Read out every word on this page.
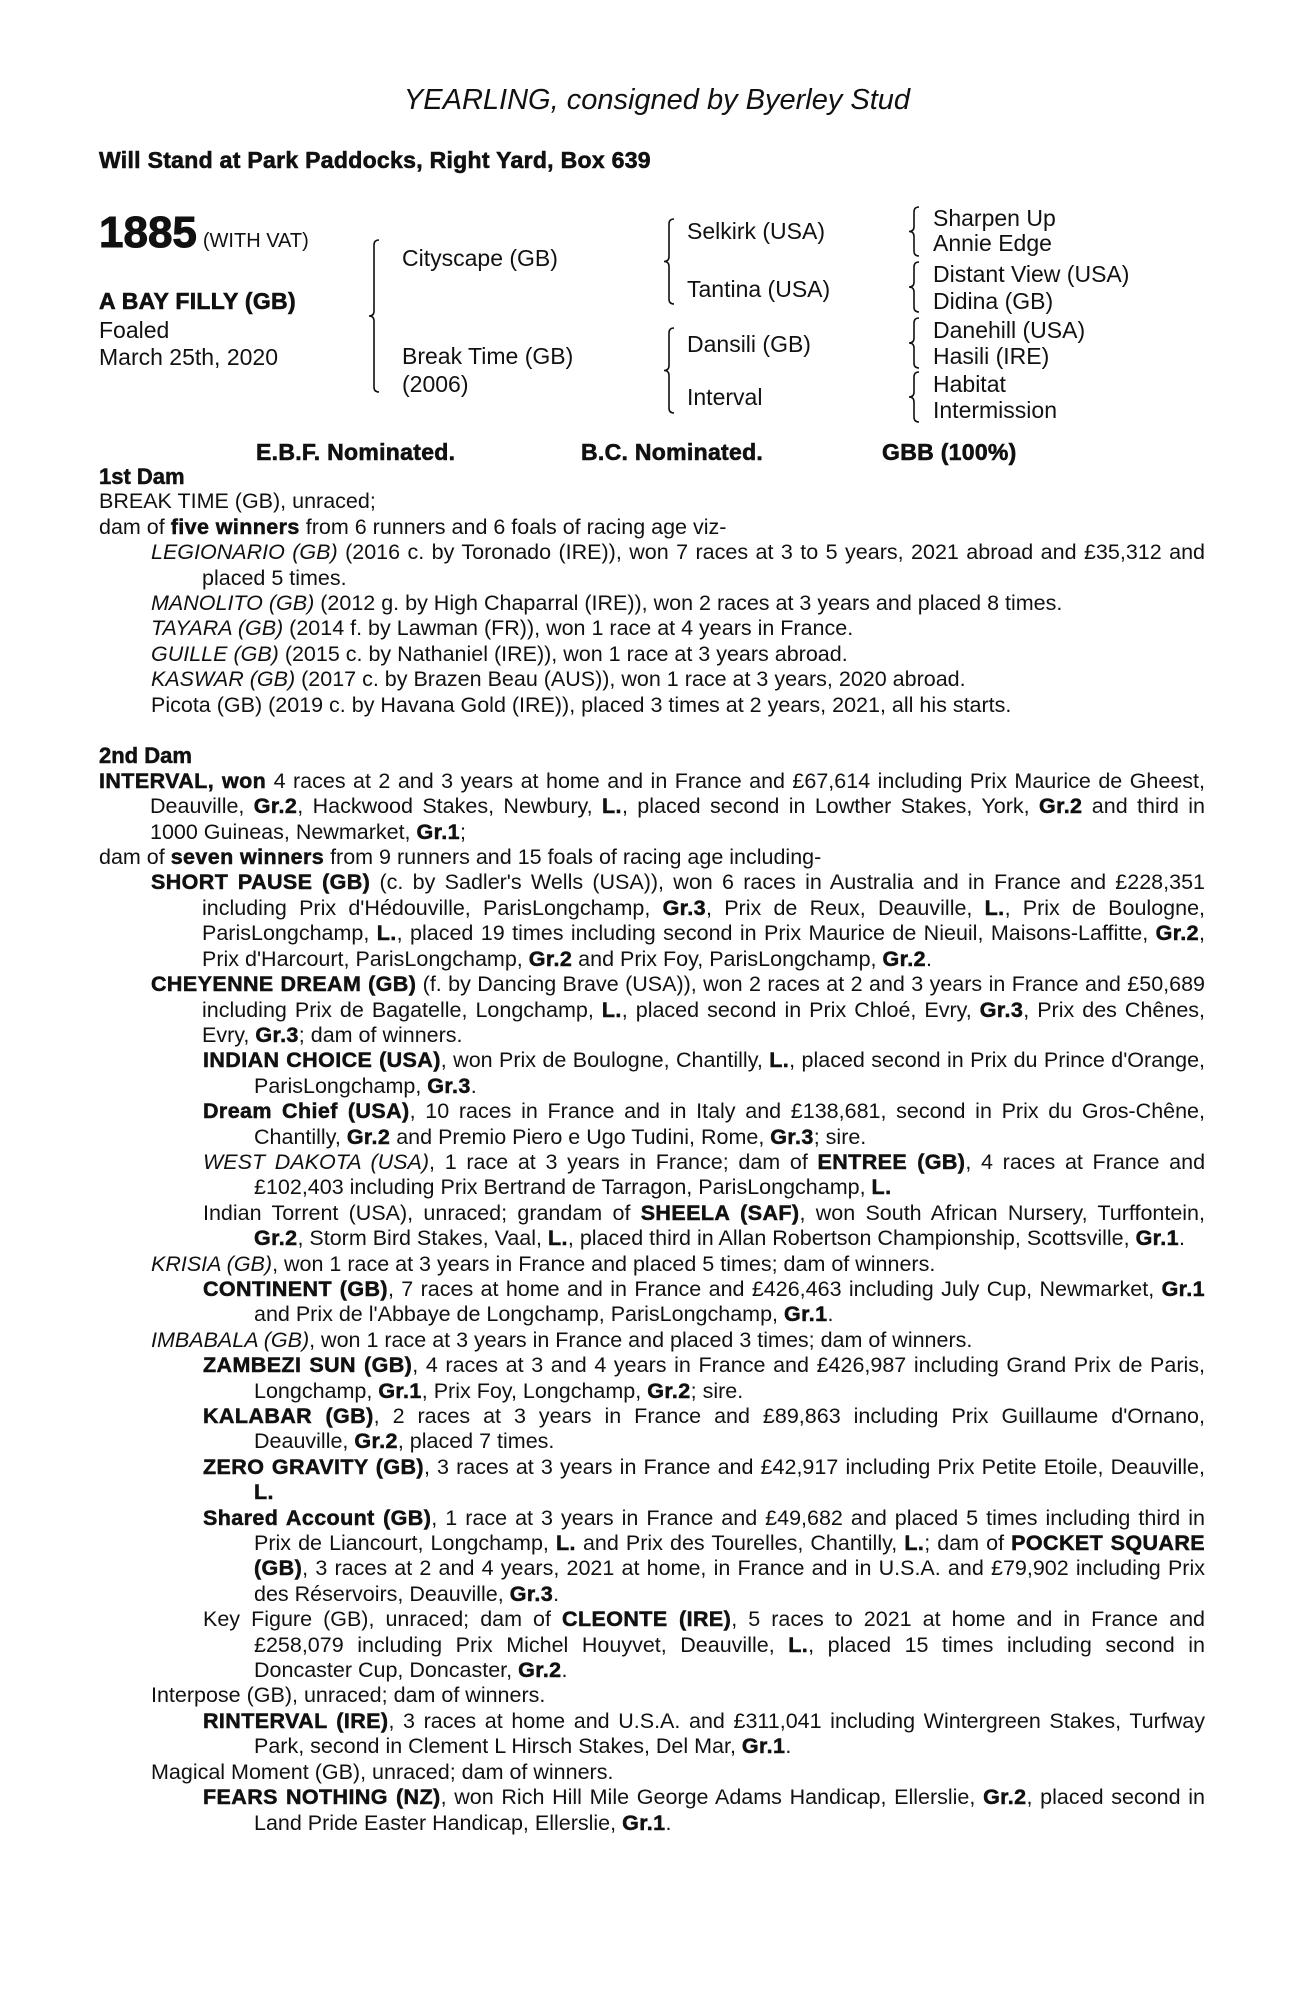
YEARLING, consigned by Byerley Stud
Will Stand at Park Paddocks, Right Yard, Box 639
1885 (WITH VAT)
A BAY FILLY (GB)
Foaled
March 25th, 2020
Cityscape (GB)
Break Time (GB)
(2006)
Selkirk (USA)
Tantina (USA)
Dansili (GB)
Interval
Sharpen Up
Annie Edge
Distant View (USA)
Didina (GB)
Danehill (USA)
Hasili (IRE)
Habitat
Intermission
E.B.F. Nominated.	B.C. Nominated.	GBB (100%)
1st Dam
BREAK TIME (GB), unraced;
dam of five winners from 6 runners and 6 foals of racing age viz-
LEGIONARIO (GB) (2016 c. by Toronado (IRE)), won 7 races at 3 to 5 years, 2021 abroad and £35,312 and placed 5 times.
MANOLITO (GB) (2012 g. by High Chaparral (IRE)), won 2 races at 3 years and placed 8 times.
TAYARA (GB) (2014 f. by Lawman (FR)), won 1 race at 4 years in France.
GUILLE (GB) (2015 c. by Nathaniel (IRE)), won 1 race at 3 years abroad.
KASWAR (GB) (2017 c. by Brazen Beau (AUS)), won 1 race at 3 years, 2020 abroad.
Picota (GB) (2019 c. by Havana Gold (IRE)), placed 3 times at 2 years, 2021, all his starts.
2nd Dam
INTERVAL, won 4 races at 2 and 3 years at home and in France and £67,614 including Prix Maurice de Gheest, Deauville, Gr.2, Hackwood Stakes, Newbury, L., placed second in Lowther Stakes, York, Gr.2 and third in 1000 Guineas, Newmarket, Gr.1;
dam of seven winners from 9 runners and 15 foals of racing age including-
SHORT PAUSE (GB) (c. by Sadler's Wells (USA)), won 6 races in Australia and in France and £228,351 including Prix d'Hédouville, ParisLongchamp, Gr.3, Prix de Reux, Deauville, L., Prix de Boulogne, ParisLongchamp, L., placed 19 times including second in Prix Maurice de Nieuil, Maisons-Laffitte, Gr.2, Prix d'Harcourt, ParisLongchamp, Gr.2 and Prix Foy, ParisLongchamp, Gr.2.
CHEYENNE DREAM (GB) (f. by Dancing Brave (USA)), won 2 races at 2 and 3 years in France and £50,689 including Prix de Bagatelle, Longchamp, L., placed second in Prix Chloé, Evry, Gr.3, Prix des Chênes, Evry, Gr.3; dam of winners.
INDIAN CHOICE (USA), won Prix de Boulogne, Chantilly, L., placed second in Prix du Prince d'Orange, ParisLongchamp, Gr.3.
Dream Chief (USA), 10 races in France and in Italy and £138,681, second in Prix du Gros-Chêne, Chantilly, Gr.2 and Premio Piero e Ugo Tudini, Rome, Gr.3; sire.
WEST DAKOTA (USA), 1 race at 3 years in France; dam of ENTREE (GB), 4 races at France and £102,403 including Prix Bertrand de Tarragon, ParisLongchamp, L.
Indian Torrent (USA), unraced; grandam of SHEELA (SAF), won South African Nursery, Turffontein, Gr.2, Storm Bird Stakes, Vaal, L., placed third in Allan Robertson Championship, Scottsville, Gr.1.
KRISIA (GB), won 1 race at 3 years in France and placed 5 times; dam of winners.
CONTINENT (GB), 7 races at home and in France and £426,463 including July Cup, Newmarket, Gr.1 and Prix de l'Abbaye de Longchamp, ParisLongchamp, Gr.1.
IMBABALA (GB), won 1 race at 3 years in France and placed 3 times; dam of winners.
ZAMBEZI SUN (GB), 4 races at 3 and 4 years in France and £426,987 including Grand Prix de Paris, Longchamp, Gr.1, Prix Foy, Longchamp, Gr.2; sire.
KALABAR (GB), 2 races at 3 years in France and £89,863 including Prix Guillaume d'Ornano, Deauville, Gr.2, placed 7 times.
ZERO GRAVITY (GB), 3 races at 3 years in France and £42,917 including Prix Petite Etoile, Deauville, L.
Shared Account (GB), 1 race at 3 years in France and £49,682 and placed 5 times including third in Prix de Liancourt, Longchamp, L. and Prix des Tourelles, Chantilly, L.; dam of POCKET SQUARE (GB), 3 races at 2 and 4 years, 2021 at home, in France and in U.S.A. and £79,902 including Prix des Réservoirs, Deauville, Gr.3.
Key Figure (GB), unraced; dam of CLEONTE (IRE), 5 races to 2021 at home and in France and £258,079 including Prix Michel Houyvet, Deauville, L., placed 15 times including second in Doncaster Cup, Doncaster, Gr.2.
Interpose (GB), unraced; dam of winners.
RINTERVAL (IRE), 3 races at home and U.S.A. and £311,041 including Wintergreen Stakes, Turfway Park, second in Clement L Hirsch Stakes, Del Mar, Gr.1.
Magical Moment (GB), unraced; dam of winners.
FEARS NOTHING (NZ), won Rich Hill Mile George Adams Handicap, Ellerslie, Gr.2, placed second in Land Pride Easter Handicap, Ellerslie, Gr.1.
